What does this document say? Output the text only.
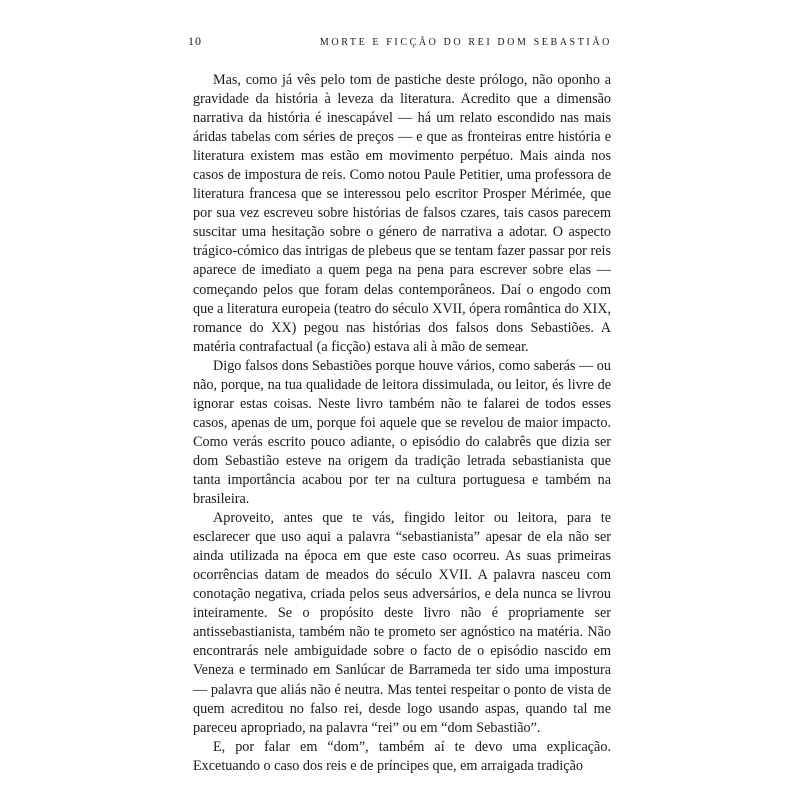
10	MORTE E FICÇÃO DO REI DOM SEBASTIÃO

Mas, como já vês pelo tom de pastiche deste prólogo, não oponho a gravidade da história à leveza da literatura. Acredito que a dimensão narrativa da história é inescapável — há um relato escondido nas mais áridas tabelas com séries de preços — e que as fronteiras entre história e literatura existem mas estão em movimento perpétuo. Mais ainda nos casos de impostura de reis. Como notou Paule Petitier, uma professora de literatura francesa que se interessou pelo escritor Prosper Mérimée, que por sua vez escreveu sobre histórias de falsos czares, tais casos parecem suscitar uma hesitação sobre o género de narrativa a adotar. O aspecto trágico-cómico das intrigas de plebeus que se tentam fazer passar por reis aparece de imediato a quem pega na pena para escrever sobre elas — começando pelos que foram delas contemporâneos. Daí o engodo com que a literatura europeia (teatro do século XVII, ópera romântica do XIX, romance do XX) pegou nas histórias dos falsos dons Sebastiões. A matéria contrafactual (a ficção) estava ali à mão de semear.

Digo falsos dons Sebastiões porque houve vários, como saberás — ou não, porque, na tua qualidade de leitora dissimulada, ou leitor, és livre de ignorar estas coisas. Neste livro também não te falarei de todos esses casos, apenas de um, porque foi aquele que se revelou de maior impacto. Como verás escrito pouco adiante, o episódio do calabrês que dizia ser dom Sebastião esteve na origem da tradição letrada sebastianista que tanta importância acabou por ter na cultura portuguesa e também na brasileira.

Aproveito, antes que te vás, fingido leitor ou leitora, para te esclarecer que uso aqui a palavra “sebastianista” apesar de ela não ser ainda utilizada na época em que este caso ocorreu. As suas primeiras ocorrências datam de meados do século XVII. A palavra nasceu com conotação negativa, criada pelos seus adversários, e dela nunca se livrou inteiramente. Se o propósito deste livro não é propriamente ser antissebastianista, também não te prometo ser agnóstico na matéria. Não encontrarás nele ambiguidade sobre o facto de o episódio nascido em Veneza e terminado em Sanlúcar de Barrameda ter sido uma impostura — palavra que aliás não é neutra. Mas tentei respeitar o ponto de vista de quem acreditou no falso rei, desde logo usando aspas, quando tal me pareceu apropriado, na palavra “rei” ou em “dom Sebastião”.

E, por falar em “dom”, também aí te devo uma explicação. Excetuando o caso dos reis e de príncipes que, em arraigada tradição
